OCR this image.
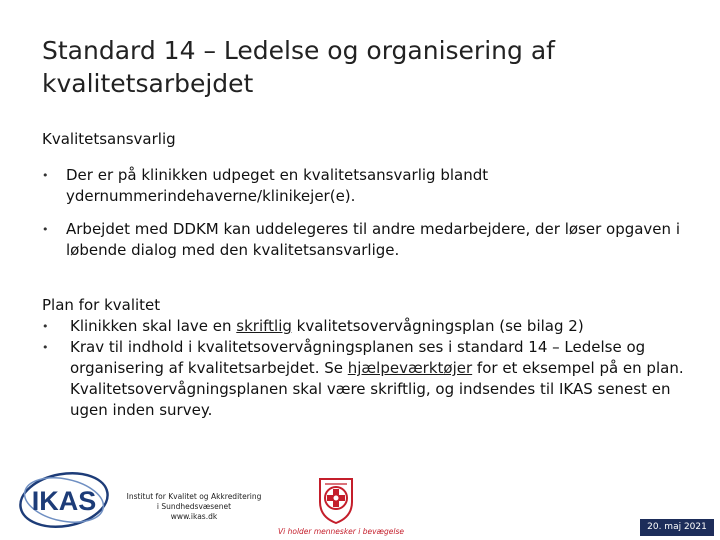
Standard 14 – Ledelse og organisering af
kvalitetsarbejdet

Kvalitetsansvarlig

• Der er på klinikken udpeget en kvalitetsansvarlig blandt ydernummerindehaverne/klinikejer(e).
• Arbejdet med DDKM kan uddelegeres til andre medarbejdere, der løser opgaven i løbende dialog med den kvalitetsansvarlige.

Plan for kvalitet

• Klinikken skal lave en skriftlig kvalitetsovervågningsplan (se bilag 2)
• Krav til indhold i kvalitetsovervågningsplanen ses i standard 14 – Ledelse og organisering af kvalitetsarbejdet. Se hjælpeværktøjer for et eksempel på en plan. Kvalitetsovervågningsplanen skal være skriftlig, og indsendes til IKAS senest en ugen inden survey.
IKAS	Institut for Kvalitet og Akkreditering
i Sundhedsvæsenet
www.ikas.dk
Vi holder mennesker i bevægelse	20. maj 2021
